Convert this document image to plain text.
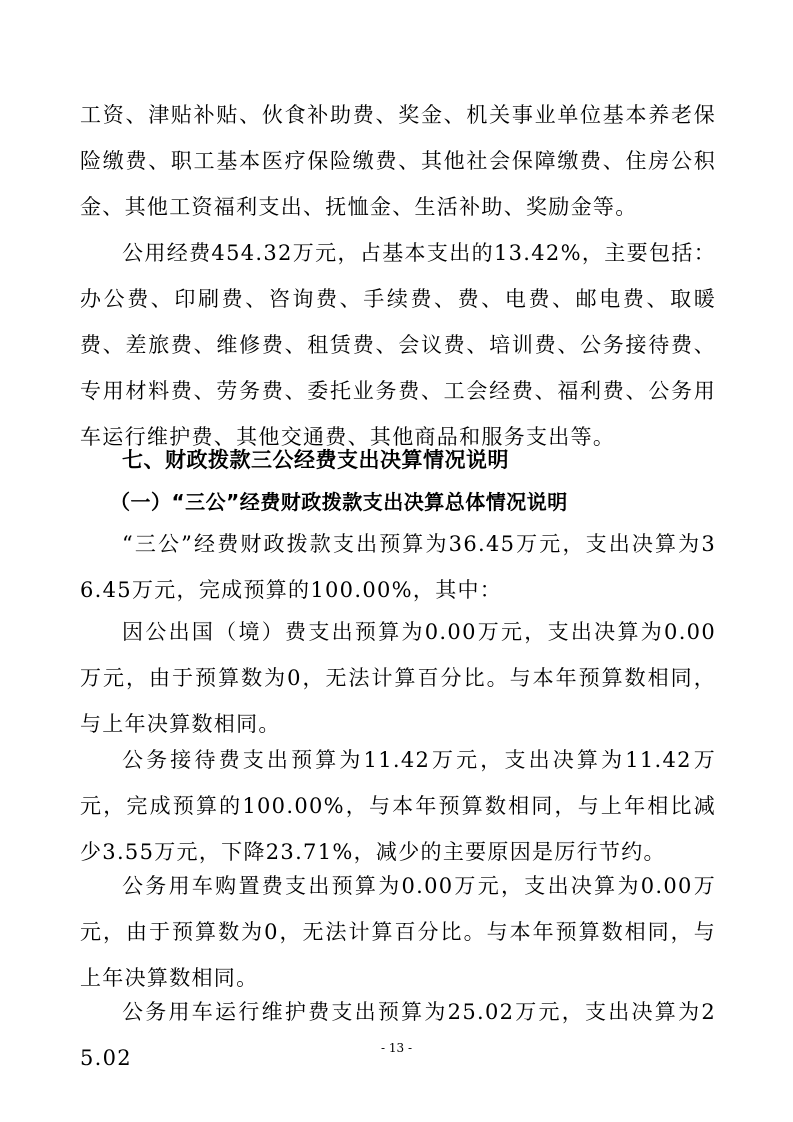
工资、津贴补贴、伙食补助费、奖金、机关事业单位基本养老保险缴费、职工基本医疗保险缴费、其他社会保障缴费、住房公积金、其他工资福利支出、抚恤金、生活补助、奖励金等。

公用经费454.32万元，占基本支出的13.42%，主要包括：办公费、印刷费、咨询费、手续费、费、电费、邮电费、取暖费、差旅费、维修费、租赁费、会议费、培训费、公务接待费、专用材料费、劳务费、委托业务费、工会经费、福利费、公务用车运行维护费、其他交通费、其他商品和服务支出等。

七、财政拨款三公经费支出决算情况说明
（一）“三公”经费财政拨款支出决算总体情况说明

“三公”经费财政拨款支出预算为36.45万元，支出决算为36.45万元，完成预算的100.00%，其中：

因公出国（境）费支出预算为0.00万元，支出决算为0.00万元，由于预算数为0，无法计算百分比。与本年预算数相同，与上年决算数相同。

公务接待费支出预算为11.42万元，支出决算为11.42万元，完成预算的100.00%，与本年预算数相同，与上年相比减少3.55万元，下降23.71%，减少的主要原因是厉行节约。

公务用车购置费支出预算为0.00万元，支出决算为0.00万元，由于预算数为0，无法计算百分比。与本年预算数相同，与上年决算数相同。

公务用车运行维护费支出预算为25.02万元，支出决算为25.02	- 13 -
